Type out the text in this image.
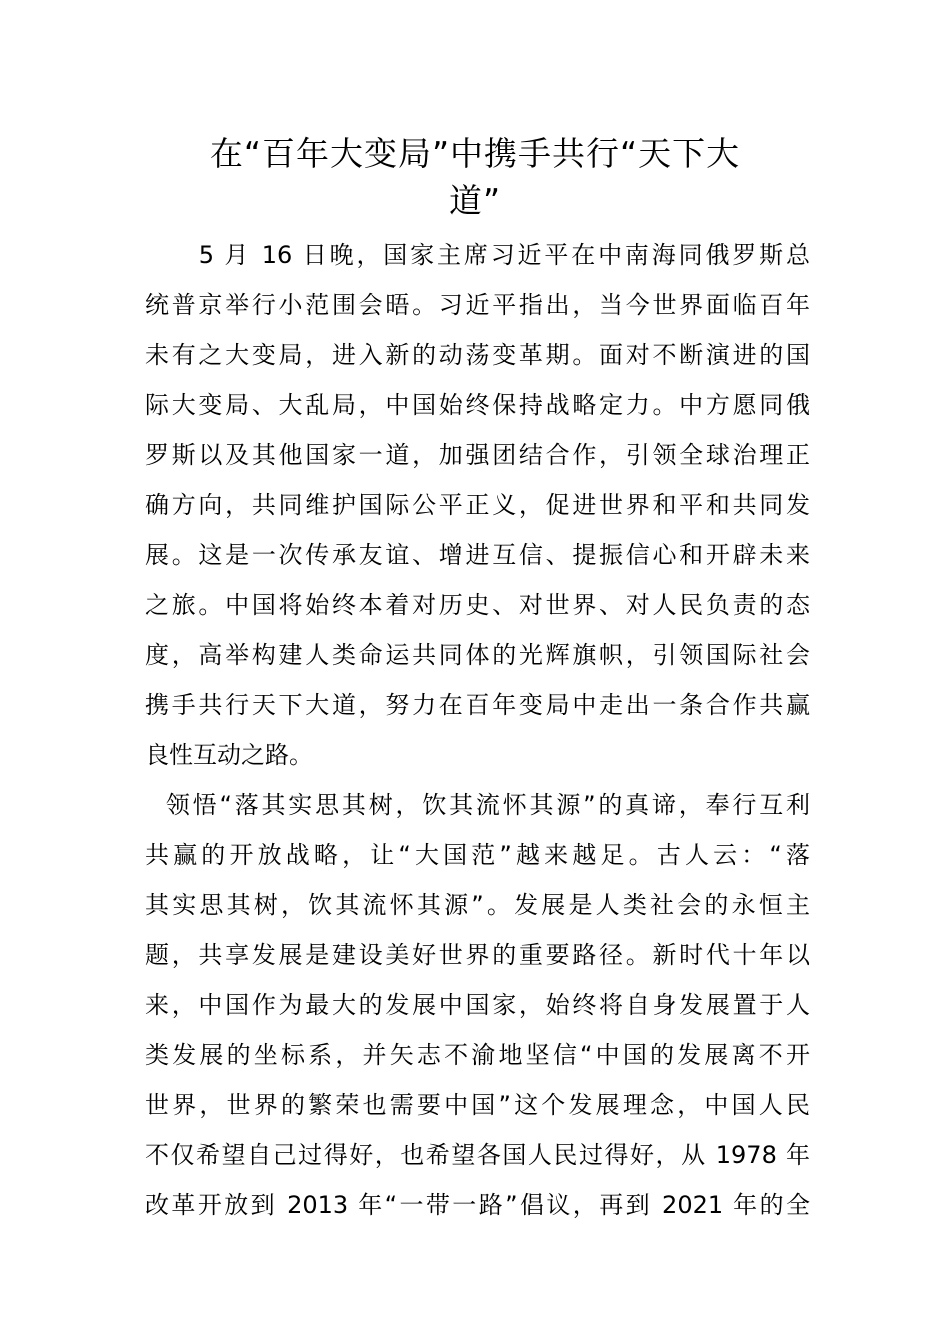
在“百年大变局”中携手共行“天下大
道”

　　5 月 16 日晚，国家主席习近平在中南海同俄罗斯总
统普京举行小范围会晤。习近平指出，当今世界面临百年
未有之大变局，进入新的动荡变革期。面对不断演进的国
际大变局、大乱局，中国始终保持战略定力。中方愿同俄
罗斯以及其他国家一道，加强团结合作，引领全球治理正
确方向，共同维护国际公平正义，促进世界和平和共同发
展。这是一次传承友谊、增进互信、提振信心和开辟未来
之旅。中国将始终本着对历史、对世界、对人民负责的态
度，高举构建人类命运共同体的光辉旗帜，引领国际社会
携手共行天下大道，努力在百年变局中走出一条合作共赢
良性互动之路。

领悟“落其实思其树，饮其流怀其源”的真谛，奉行互利
共赢的开放战略，让“大国范”越来越足。古人云：“落
其实思其树，饮其流怀其源”。发展是人类社会的永恒主
题，共享发展是建设美好世界的重要路径。新时代十年以
来，中国作为最大的发展中国家，始终将自身发展置于人
类发展的坐标系，并矢志不渝地坚信“中国的发展离不开
世界，世界的繁荣也需要中国”这个发展理念，中国人民
不仅希望自己过得好，也希望各国人民过得好，从 1978 年
改革开放到 2013 年“一带一路”倡议，再到 2021 年的全
